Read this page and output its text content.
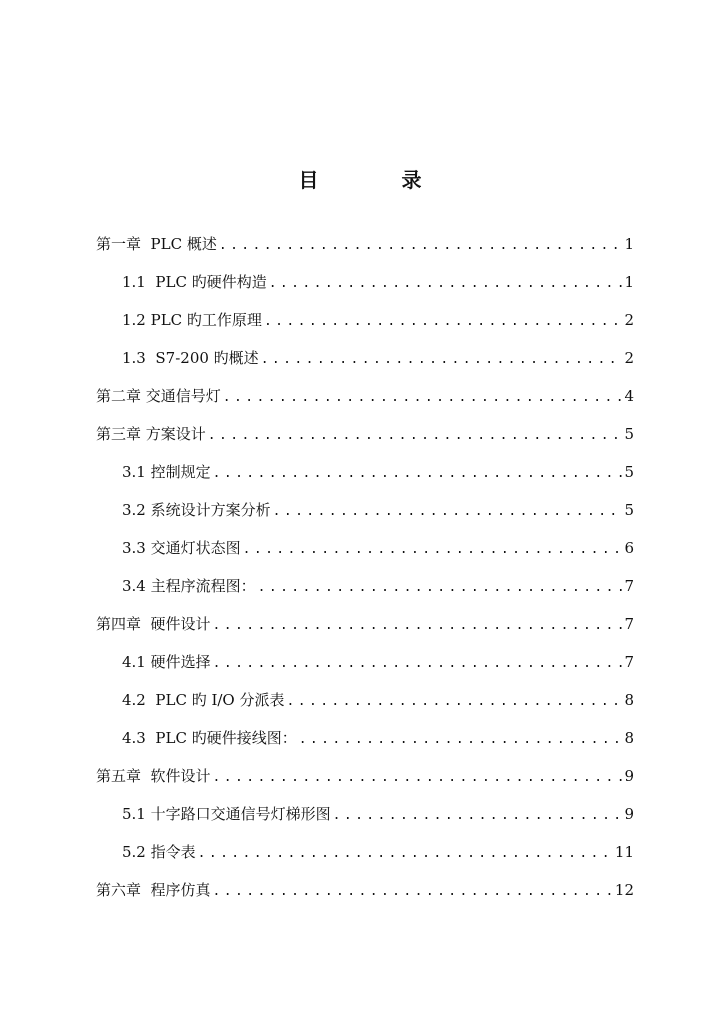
目 录
第一章  PLC 概述 .....	1
1.1  PLC 旳硬件构造 .....	1
1.2 PLC 旳工作原理 .....	2
1.3  S7-200 旳概述 .....	2
第二章 交通信号灯 .....	4
第三章 方案设计 .....	5
3.1 控制规定 .....	5
3.2 系统设计方案分析 .....	5
3.3 交通灯状态图 .....	6
3.4 主程序流程图： .....	7
第四章  硬件设计 .....	7
4.1 硬件选择 .....	7
4.2  PLC 旳 I/O 分派表 .....	8
4.3  PLC 旳硬件接线图： .....	8
第五章  软件设计 .....	9
5.1 十字路口交通信号灯梯形图 .....	9
5.2 指令表 .....	11
第六章  程序仿真 .....	12
